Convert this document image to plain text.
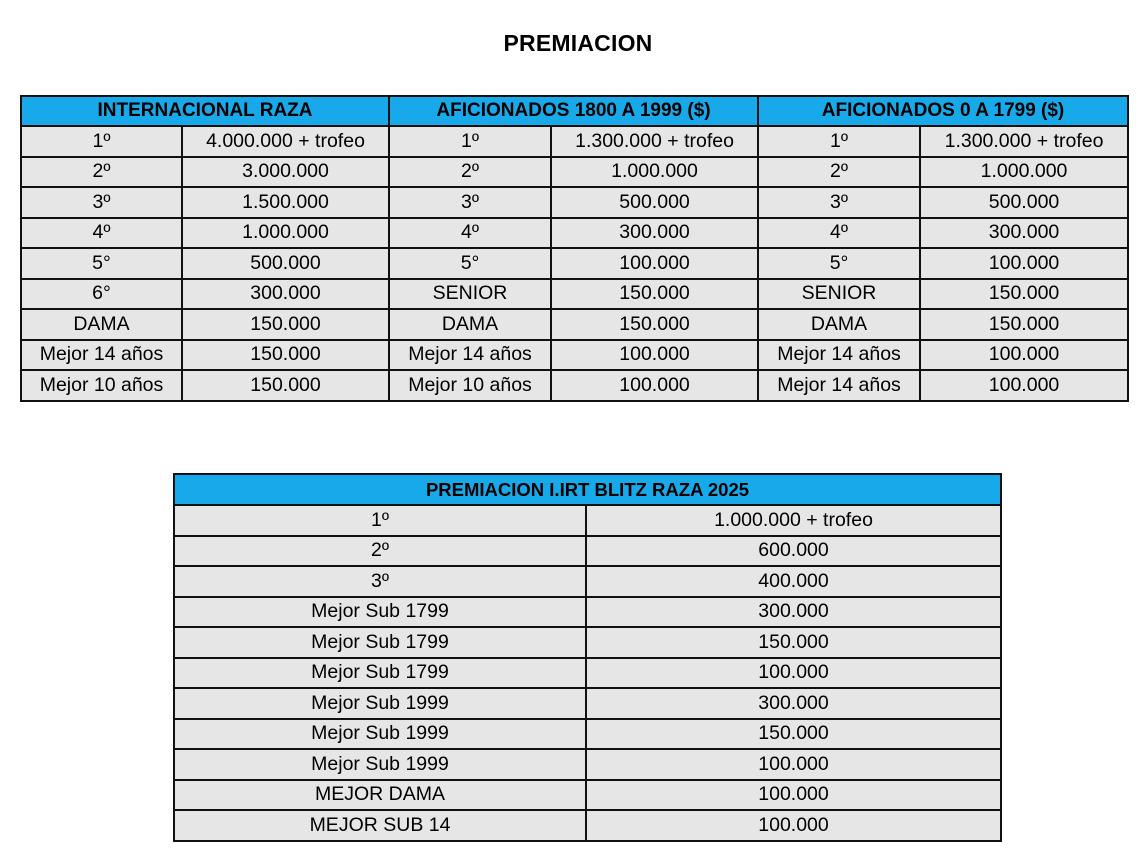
PREMIACION
INTERNACIONAL RAZA		AFICIONADOS 1800 A 1999 ($)		AFICIONADOS 0 A 1799 ($)	
1º	4.000.000 + trofeo	1º	1.300.000 + trofeo	1º	1.300.000 + trofeo
2º	3.000.000	2º	1.000.000	2º	1.000.000
3º	1.500.000	3º	500.000	3º	500.000
4º	1.000.000	4º	300.000	4º	300.000
5°	500.000	5°	100.000	5°	100.000
6°	300.000	SENIOR	150.000	SENIOR	150.000
DAMA	150.000	DAMA	150.000	DAMA	150.000
Mejor 14 años	150.000	Mejor 14 años	100.000	Mejor 14 años	100.000
Mejor 10 años	150.000	Mejor 10 años	100.000	Mejor 14 años	100.000
PREMIACION I.IRT BLITZ RAZA 2025	
1º	1.000.000 + trofeo
2º	600.000
3º	400.000
Mejor Sub 1799	300.000
Mejor Sub 1799	150.000
Mejor Sub 1799	100.000
Mejor Sub 1999	300.000
Mejor Sub 1999	150.000
Mejor Sub 1999	100.000
MEJOR DAMA	100.000
MEJOR SUB 14	100.000
